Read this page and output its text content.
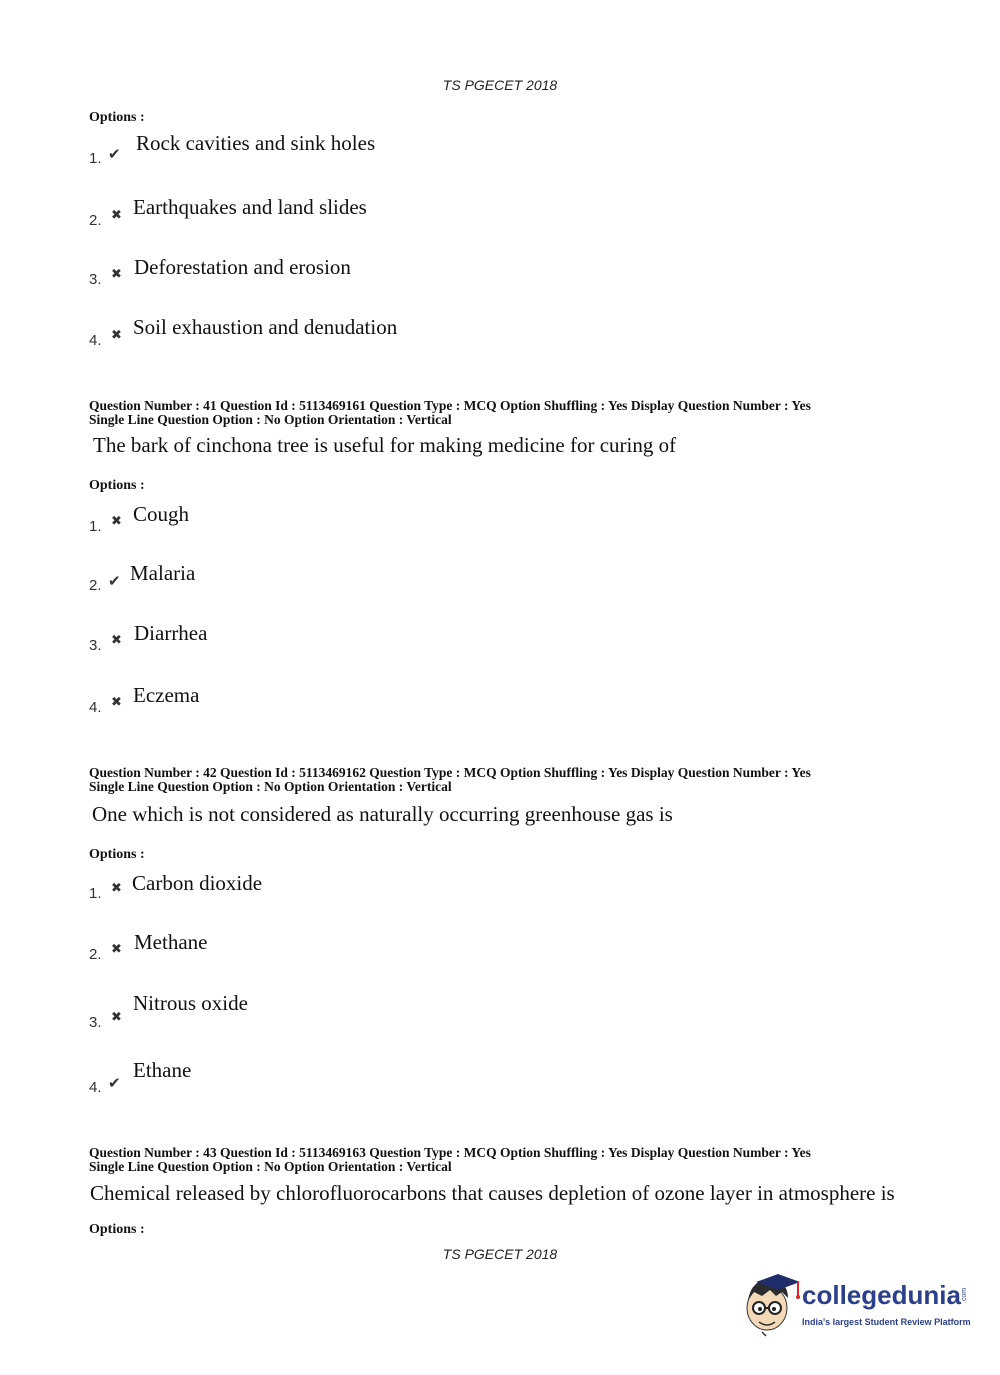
TS PGECET 2018
Options :
1. ✔ Rock cavities and sink holes
2. ✖ Earthquakes and land slides
3. ✖ Deforestation and erosion
4. ✖ Soil exhaustion and denudation
Question Number : 41 Question Id : 5113469161 Question Type : MCQ Option Shuffling : Yes Display Question Number : Yes
Single Line Question Option : No Option Orientation : Vertical
The bark of cinchona tree is useful for making medicine for curing of
Options :
1. ✖ Cough
2. ✔ Malaria
3. ✖ Diarrhea
4. ✖ Eczema
Question Number : 42 Question Id : 5113469162 Question Type : MCQ Option Shuffling : Yes Display Question Number : Yes
Single Line Question Option : No Option Orientation : Vertical
One which is not considered as naturally occurring greenhouse gas is
Options :
1. ✖ Carbon dioxide
2. ✖ Methane
3. ✖
Nitrous oxide
4. ✔
Ethane
Question Number : 43 Question Id : 5113469163 Question Type : MCQ Option Shuffling : Yes Display Question Number : Yes
Single Line Question Option : No Option Orientation : Vertical
Chemical released by chlorofluorocarbons that causes depletion of ozone layer in atmosphere is
Options :
TS PGECET 2018
collegedunia .com
India's largest Student Review Platform
